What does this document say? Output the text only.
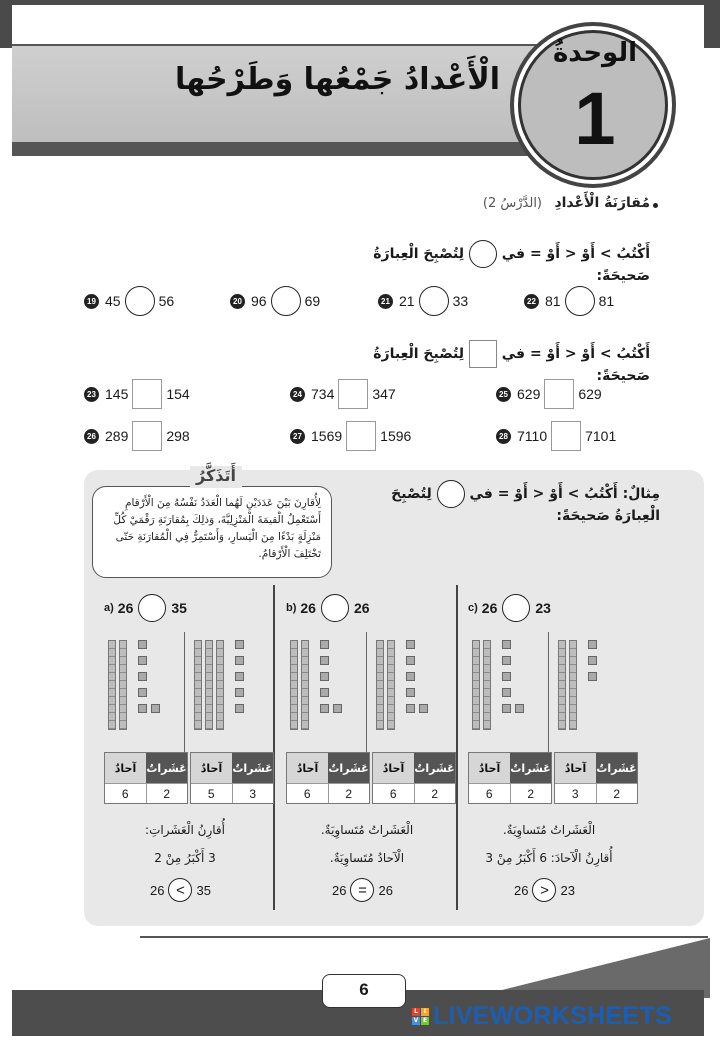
الْأَعْدادُ جَمْعُها وَطَرْحُها
الوحدةُ
1
مُقارَنَةُ الْأَعْدادِ (الدَّرْسُ 2)
أَكْتُبُ > أَوْ < أَوْ = في  لِتُصْبِحَ الْعِبارَةُ صَحيحَةً:
19 45	56	20 96	69	21 21	33	22 81	81
أَكْتُبُ > أَوْ < أَوْ = في  لِتُصْبِحَ الْعِبارَةُ صَحيحَةً:
23 145	154	24 734	347	25 629	629
26 289	298	27 1569	1596	28 7110	7101
لِأُقارِنَ بَيْنَ عَدَدَيْنِ لَهُما الْعَدَدُ نَفْسُهُ مِنَ الْأَرْقامِ أَسْتَعْمِلُ الْقيمَةَ الْمَنْزِلِيَّةَ، وَذلِكَ بِمُقارَنَةِ رَقْمَيْ كُلِّ مَنْزِلَةٍ بَدْءًا مِنَ الْيَسارِ، وَأَسْتَمِرُّ فِي الْمُقارَنَةِ حَتّى تَخْتَلِفَ الْأَرْقامُ.
أَتَذَكَّرُ
مِثالٌ: أَكْتُبُ > أَوْ < أَوْ = في  لِتُصْبِحَ الْعِبارَةُ صَحيحَةً:
a) 26	35
آحادٌ عَشَراتٌ
6	2
آحادٌ عَشَراتٌ
5	3
أُقارِنُ الْعَشَراتِ:
3 أَكْبَرُ مِنْ 2
26 < 35
b) 26	26
آحادٌ عَشَراتٌ
6	2
آحادٌ عَشَراتٌ
6	2
الْعَشَراتُ مُتَساوِيَةٌ.
الْآحادُ مُتَساوِيَةٌ.
26 = 26
c) 26	23
آحادٌ عَشَراتٌ
6	2
آحادٌ عَشَراتٌ
3	2
الْعَشَراتُ مُتَساوِيَةٌ.
أُقارِنُ الْآحادَ: 6 أَكْبَرُ مِنْ 3
26 > 23
6
L I
V E LIVEWORKSHEETS
